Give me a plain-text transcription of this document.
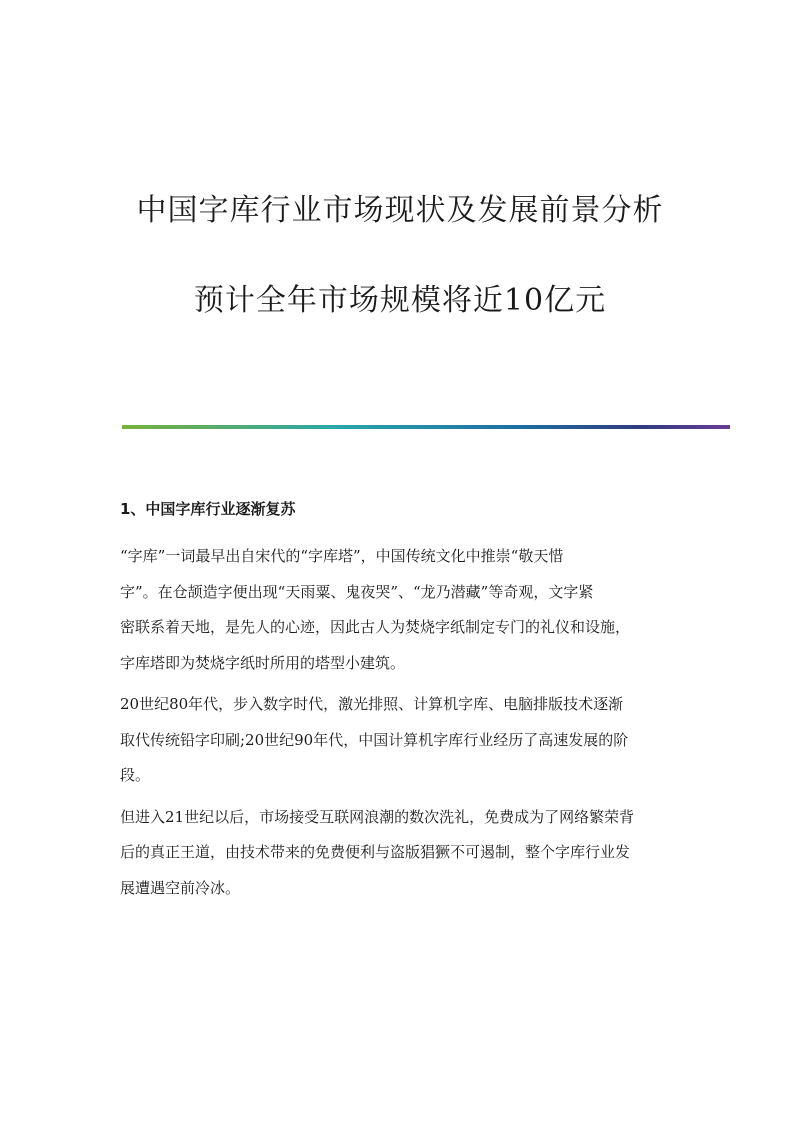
中国字库行业市场现状及发展前景分析
预计全年市场规模将近10亿元
1、中国字库行业逐渐复苏

“字库”一词最早出自宋代的“字库塔”，中国传统文化中推崇“敬天惜
字”。在仓颉造字便出现“天雨粟、鬼夜哭”、“龙乃潜藏”等奇观，文字紧
密联系着天地，是先人的心迹，因此古人为焚烧字纸制定专门的礼仪和设施，
字库塔即为焚烧字纸时所用的塔型小建筑。

20世纪80年代，步入数字时代，激光排照、计算机字库、电脑排版技术逐渐
取代传统铅字印刷;20世纪90年代，中国计算机字库行业经历了高速发展的阶
段。

但进入21世纪以后，市场接受互联网浪潮的数次洗礼，免费成为了网络繁荣背
后的真正王道，由技术带来的免费便利与盗版猖獗不可遏制，整个字库行业发
展遭遇空前冷冰。
